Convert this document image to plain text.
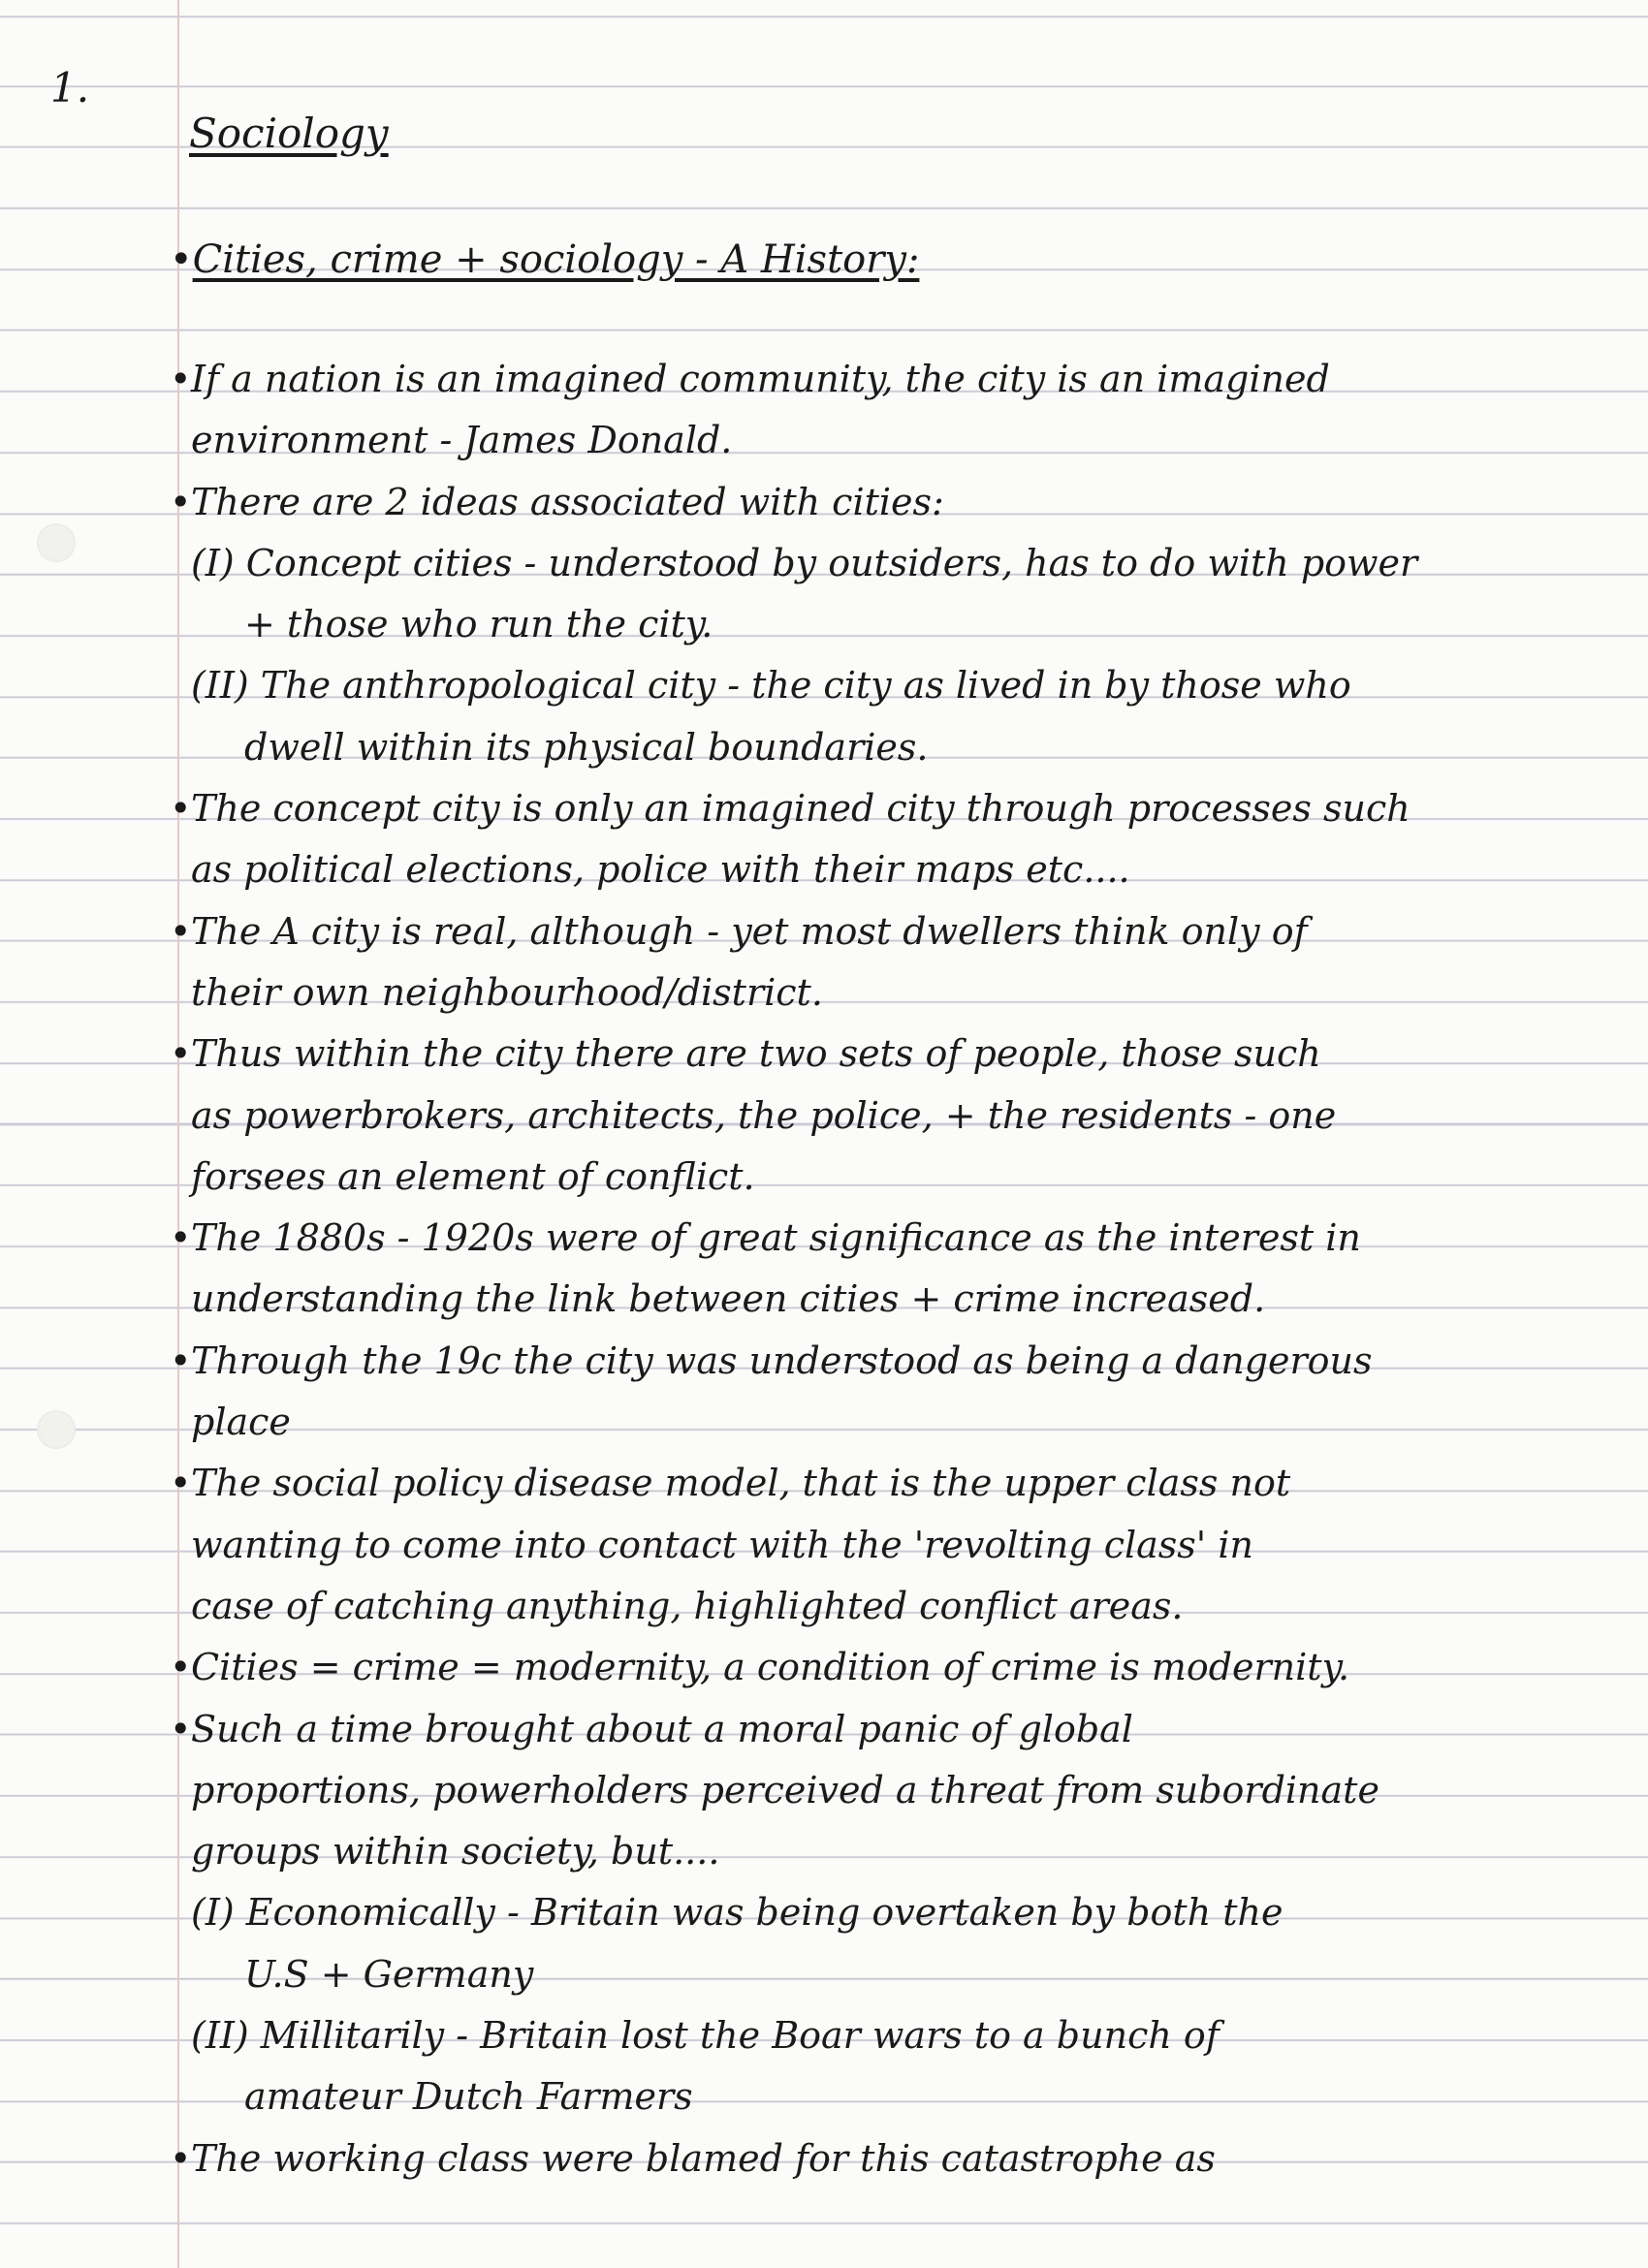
1.
Sociology
•Cities, crime + sociology - A History:
• If a nation is an imagined community, the city is an imagined
environment - James Donald.
• There are 2 ideas associated with cities:
(I) Concept cities - understood by outsiders, has to do with power
+ those who run the city.
(II) The anthropological city - the city as lived in by those who
dwell within its physical boundaries.
• The concept city is only an imagined city through processes such
as political elections, police with their maps etc....
• The A city is real, although - yet most dwellers think only of
their own neighbourhood/district.
• Thus within the city there are two sets of people, those such
as powerbrokers, architects, the police, + the residents - one
forsees an element of conflict.
• The 1880s - 1920s were of great significance as the interest in
understanding the link between cities + crime increased.
• Through the 19c the city was understood as being a dangerous
place
• The social policy disease model, that is the upper class not
wanting to come into contact with the 'revolting class' in
case of catching anything, highlighted conflict areas.
• Cities = crime = modernity, a condition of crime is modernity.
• Such a time brought about a moral panic of global
proportions, powerholders perceived a threat from subordinate
groups within society, but....
(I) Economically - Britain was being overtaken by both the
U.S + Germany
(II) Millitarily - Britain lost the Boar wars to a bunch of
amateur Dutch Farmers
• The working class were blamed for this catastrophe as
